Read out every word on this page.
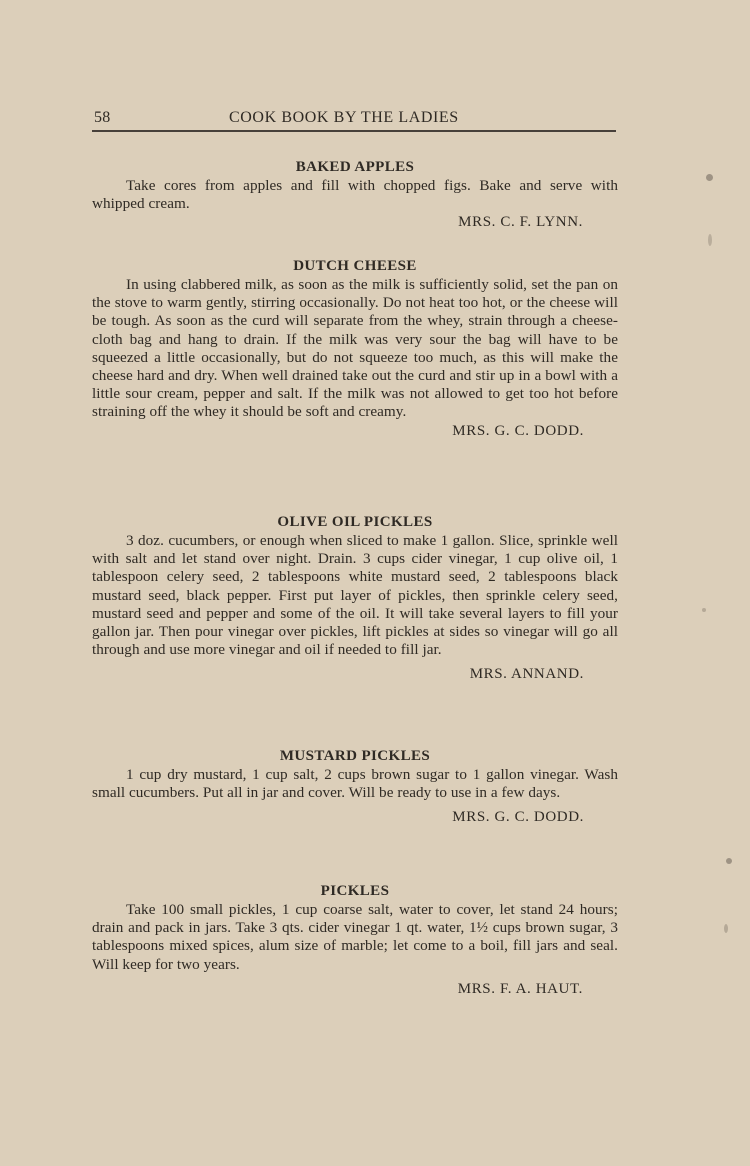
58	COOK BOOK BY THE LADIES
BAKED APPLES
Take cores from apples and fill with chopped figs. Bake and serve with whipped cream.
MRS. C. F. LYNN.
DUTCH CHEESE
In using clabbered milk, as soon as the milk is sufficiently solid, set the pan on the stove to warm gently, stirring occasionally. Do not heat too hot, or the cheese will be tough. As soon as the curd will separate from the whey, strain through a cheese-cloth bag and hang to drain. If the milk was very sour the bag will have to be squeezed a little occasionally, but do not squeeze too much, as this will make the cheese hard and dry. When well drained take out the curd and stir up in a bowl with a little sour cream, pepper and salt. If the milk was not allowed to get too hot before straining off the whey it should be soft and creamy.
MRS. G. C. DODD.
OLIVE OIL PICKLES
3 doz. cucumbers, or enough when sliced to make 1 gallon. Slice, sprinkle well with salt and let stand over night. Drain. 3 cups cider vinegar, 1 cup olive oil, 1 tablespoon celery seed, 2 tablespoons white mustard seed, 2 tablespoons black mustard seed, black pepper. First put layer of pickles, then sprinkle celery seed, mustard seed and pepper and some of the oil. It will take several layers to fill your gallon jar. Then pour vinegar over pickles, lift pickles at sides so vinegar will go all through and use more vinegar and oil if needed to fill jar.
MRS. ANNAND.
MUSTARD PICKLES
1 cup dry mustard, 1 cup salt, 2 cups brown sugar to 1 gallon vinegar. Wash small cucumbers. Put all in jar and cover. Will be ready to use in a few days.
MRS. G. C. DODD.
PICKLES
Take 100 small pickles, 1 cup coarse salt, water to cover, let stand 24 hours; drain and pack in jars. Take 3 qts. cider vinegar 1 qt. water, 1½ cups brown sugar, 3 tablespoons mixed spices, alum size of marble; let come to a boil, fill jars and seal. Will keep for two years.
MRS. F. A. HAUT.
